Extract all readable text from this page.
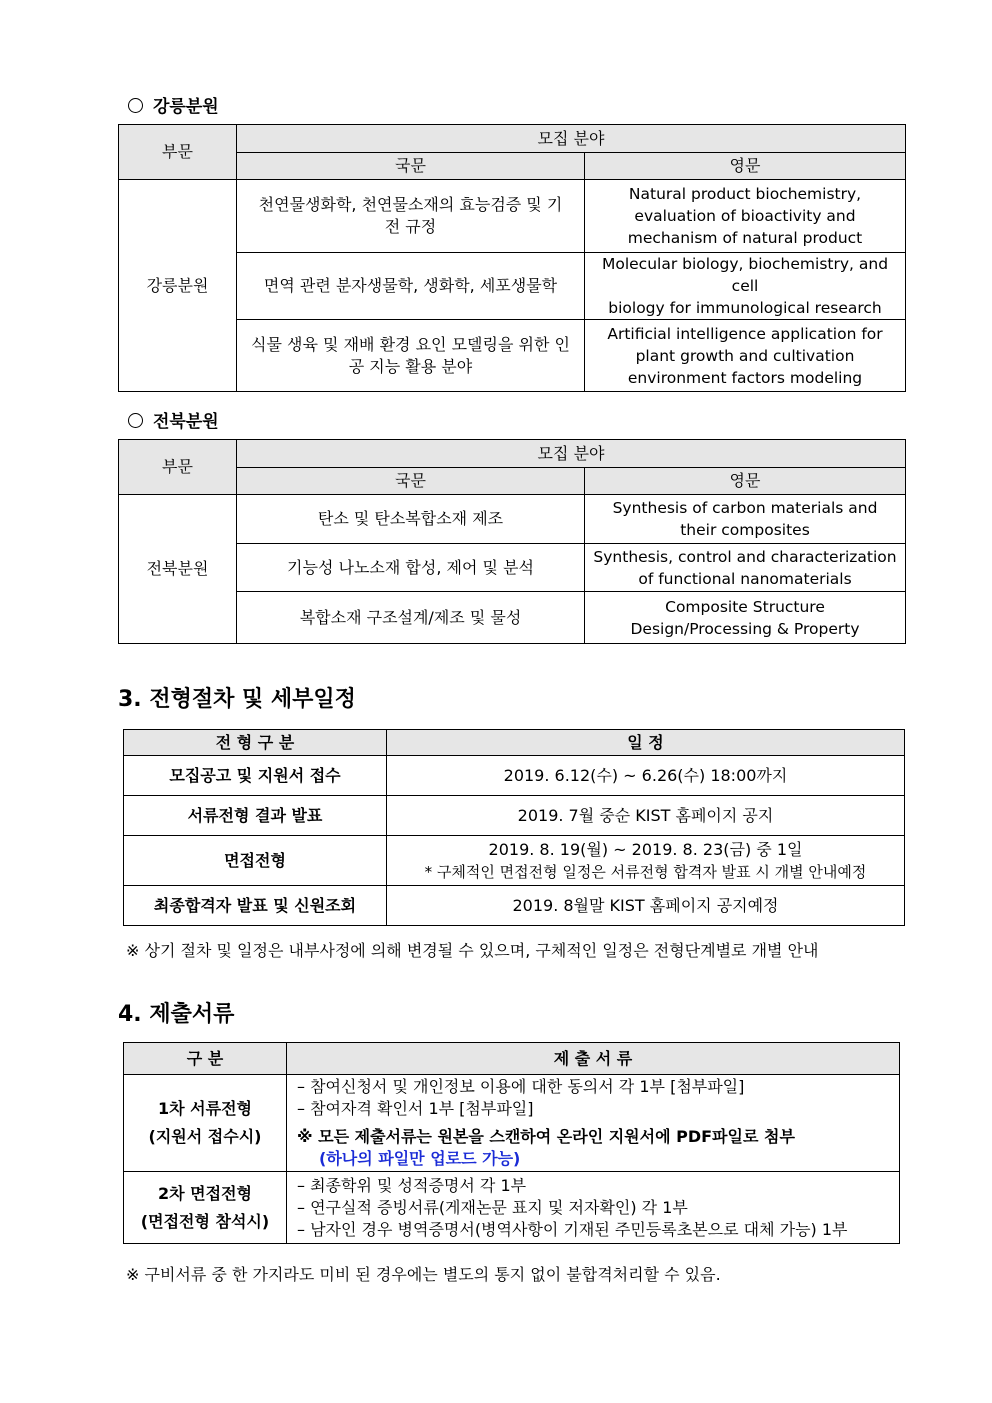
강릉분원
부문	모집 분야	
	국문	영문
강릉분원	천연물생화학, 천연물소재의 효능검증 및 기전 규정	Natural product biochemistry,
evaluation of bioactivity and
mechanism of natural product

	면역 관련 분자생물학, 생화학, 세포생물학	Molecular biology, biochemistry, and cell
biology for immunological research

	식물 생육 및 재배 환경 요인 모델링을 위한 인공 지능 활용 분야	Artificial intelligence application for
plant growth and cultivation
environment factors modeling
전북분원
부문	모집 분야	
	국문	영문
전북분원	탄소 및 탄소복합소재 제조	Synthesis of carbon materials and
their composites

	기능성 나노소재 합성, 제어 및 분석	Synthesis, control and characterization
of functional nanomaterials

	복합소재 구조설계/제조 및 물성	Composite Structure
Design/Processing & Property
3. 전형절차 및 세부일정
전 형 구 분	일 정
모집공고 및 지원서 접수	2019. 6.12(수) ~ 6.26(수) 18:00까지
서류전형 결과 발표	2019. 7월 중순 KIST 홈페이지 공지
면접전형	2019. 8. 19(월) ~ 2019. 8. 23(금) 중 1일
* 구체적인 면접전형 일정은 서류전형 합격자 발표 시 개별 안내예정

최종합격자 발표 및 신원조회	2019. 8월말 KIST 홈페이지 공지예정
※ 상기 절차 및 일정은 내부사정에 의해 변경될 수 있으며, 구체적인 일정은 전형단계별로 개별 안내
4. 제출서류
구 분	제 출 서 류

1차 서류전형
(지원서 접수시)	– 참여신청서 및 개인정보 이용에 대한 동의서 각 1부 [첨부파일]
– 참여자격 확인서 1부 [첨부파일]
※ 모든 제출서류는 원본을 스캔하여 온라인 지원서에 PDF파일로 첨부
(하나의 파일만 업로드 가능)

2차 면접전형
(면접전형 참석시)	– 최종학위 및 성적증명서 각 1부
– 연구실적 증빙서류(게재논문 표지 및 저자확인) 각 1부
– 남자인 경우 병역증명서(병역사항이 기재된 주민등록초본으로 대체 가능) 1부
※ 구비서류 중 한 가지라도 미비 된 경우에는 별도의 통지 없이 불합격처리할 수 있음.
